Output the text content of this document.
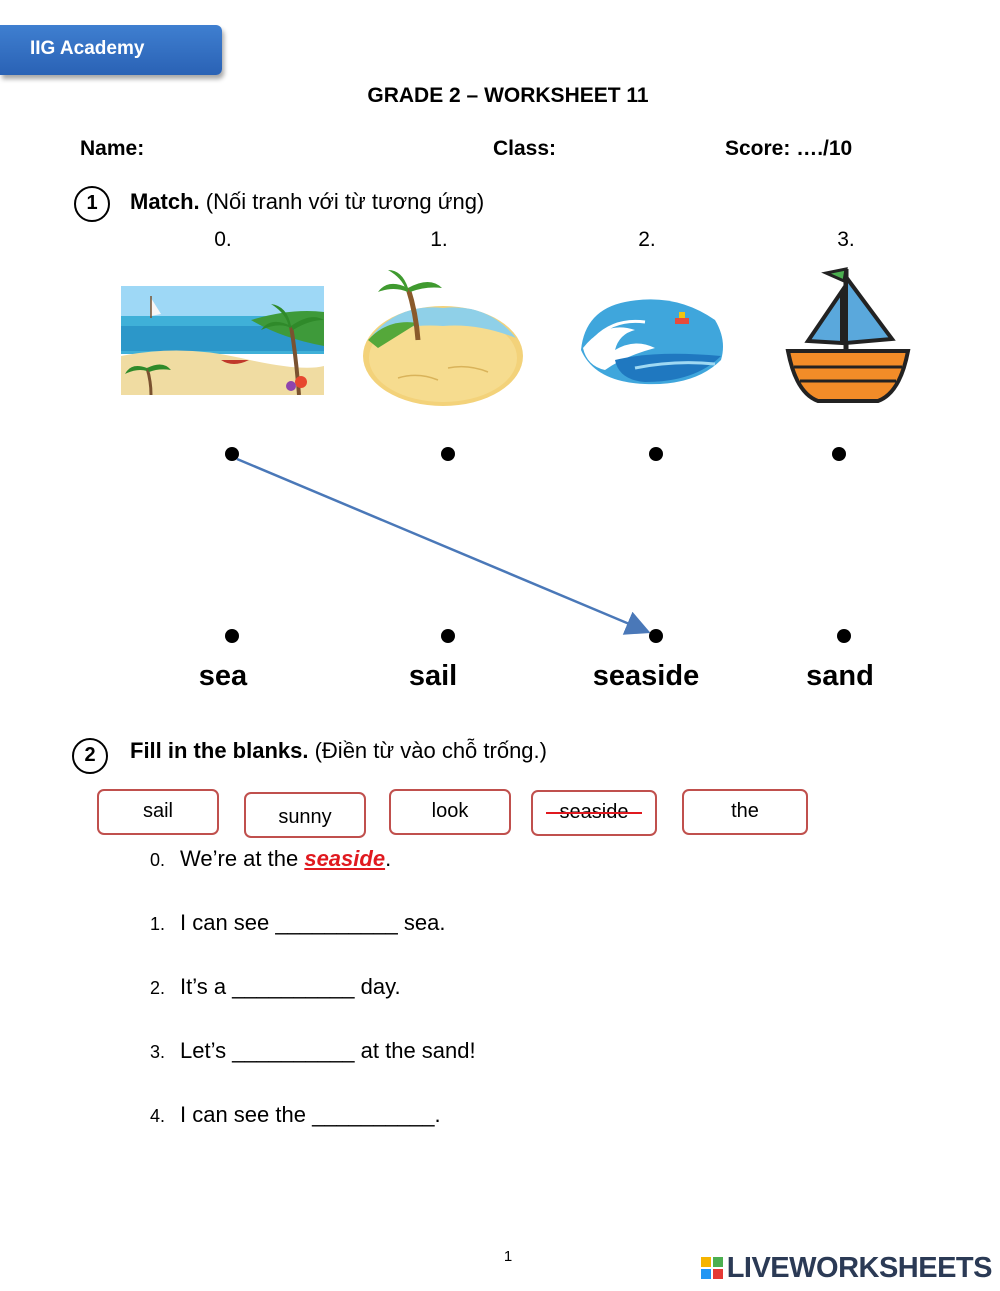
IIG Academy
GRADE 2 – WORKSHEET 11
Name:	Class:	Score: …./10
1	Match. (Nối tranh với từ tương ứng)
0.	1.	2.	3.
sea	sail	seaside	sand
2	Fill in the blanks. (Điền từ vào chỗ trống.)
sail	sunny	look	seaside	the
0. We’re at the seaside.
1. I can see __________ sea.
2. It’s a __________ day.
3. Let’s __________ at the sand!
4. I can see the __________.
1	LIVEWORKSHEETS
